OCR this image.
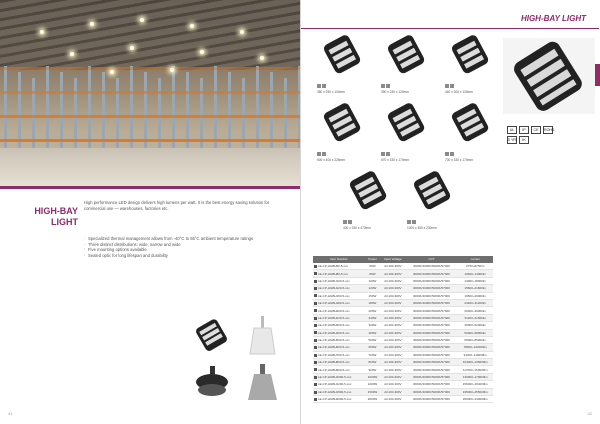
HIGH-BAY LIGHT
High performance LED design delivers high lumens per watt. It is the best energy saving solution for commercial use — warehouses, factories etc.
· Specialized thermal management allows from -40°C to 55°C ambient temperature ratings
· Three distinct distributions: wide, narrow and wide
· Five mounting options available
· Sealed optic for long lifespan and durability
41
HIGH-BAY LIGHT
360 x 250 x 100mm	390 x 230 x 120mm	440 x 300 x 130mm
500 x 400 x 226mm	570 x 330 x 170mm	700 x 330 x 170mm
400 x 330 x 470mm	1000 x 350 x 230mm
UL	IP	CE	ROHS
5 YR	IK
Item Number	Power	Input Voltage	CCT	Lumen
LE-CP-HGBH50-5-xxx	50W	AC100-300V	3000K/4000K/5000K/5700K	6750~8750lm
LE-CP-HGBH80-5-xxx	80W	AC100-300V	3000K/4000K/5000K/5700K	10400~14000lm
LE-CP-HGBH100-5-xxx	100W	AC100-300V	3000K/4000K/5000K/5700K	13000~18000lm
LE-CP-HGBH120-5-xxx	120W	AC100-300V	3000K/4000K/5000K/5700K	15600~21600lm
LE-CP-HGBH150-5-xxx	150W	AC100-300V	3000K/4000K/5000K/5700K	19500~26000lm
LE-CP-HGBH180-5-xxx	180W	AC100-300V	3000K/4000K/5000K/5700K	23400~31200lm
LE-CP-HGBH200-5-xxx	200W	AC100-300V	3000K/4000K/5000K/5700K	26000~36000lm
LE-CP-HGBH240-5-xxx	240W	AC100-300V	3000K/4000K/5000K/5700K	31200~41600lm
LE-CP-HGBH300-5-xxx	300W	AC100-300V	3000K/4000K/5000K/5700K	39000~52000lm
LE-CP-HGBH400-5-xxx	400W	AC100-300V	3000K/4000K/5000K/5700K	52000~68000lm
LE-CP-HGBH500-5-xxx	500W	AC100-300V	3000K/4000K/5000K/5700K	65000~85000lm
LE-CP-HGBH600-5-xxx	600W	AC100-300V	3000K/4000K/5000K/5700K	78000~102000lm
LE-CP-HGBH700-5-xxx	700W	AC100-300V	3000K/4000K/5000K/5700K	91000~119000lm
LE-CP-HGBH800-5-xxx	800W	AC100-300V	3000K/4000K/5000K/5700K	104000~136000lm
LE-CP-HGBH900-5-xxx	900W	AC100-300V	3000K/4000K/5000K/5700K	117000~153000lm
LE-CP-HGBH1000-5-xxx	1000W	AC100-300V	3000K/4000K/5000K/5700K	130000~170000lm
LE-CP-HGBH1200-5-xxx	1200W	AC100-300V	3000K/4000K/5000K/5700K	156000~204000lm
LE-CP-HGBH1500-5-xxx	1500W	AC100-300V	3000K/4000K/5000K/5700K	195000~255000lm
LE-CP-HGBH2000-5-xxx	2000W	AC100-300V	3000K/4000K/5000K/5700K	260000~340000lm
42
